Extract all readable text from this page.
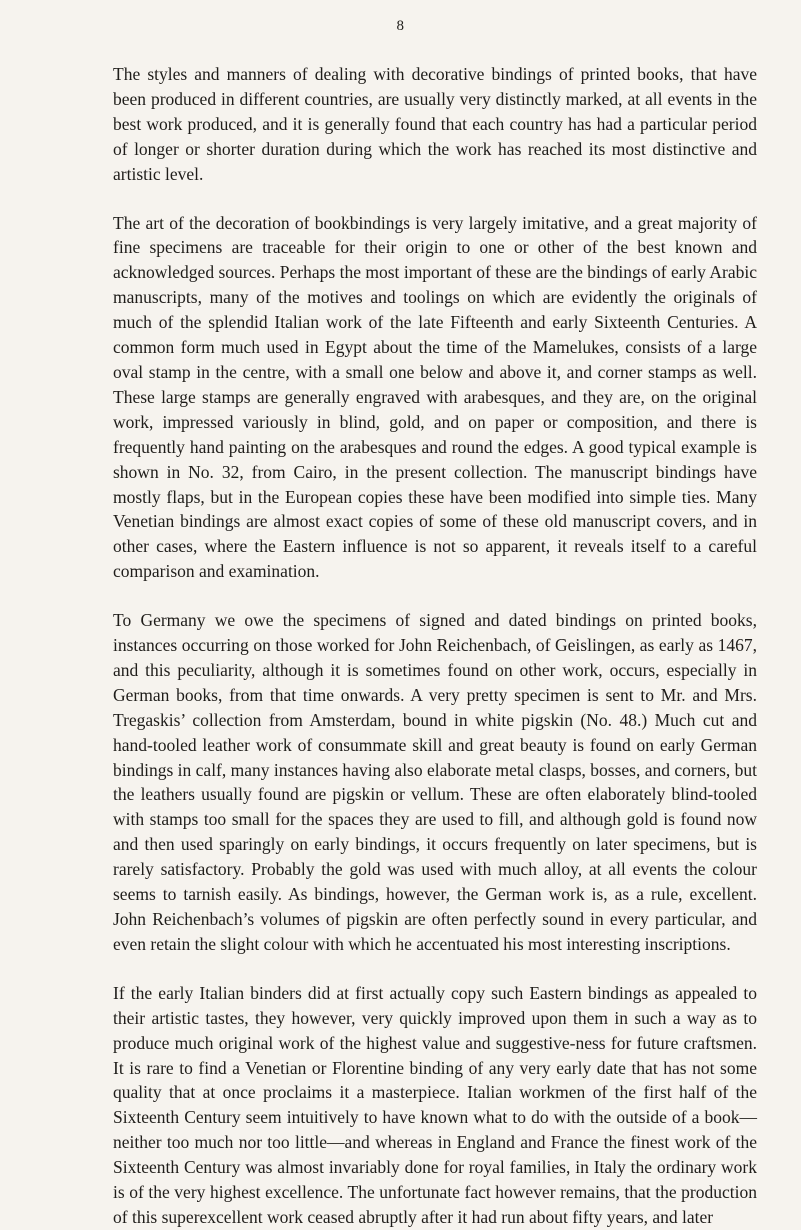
8

The styles and manners of dealing with decorative bindings of printed books, that have been produced in different countries, are usually very distinctly marked, at all events in the best work produced, and it is generally found that each country has had a particular period of longer or shorter duration during which the work has reached its most distinctive and artistic level.

The art of the decoration of bookbindings is very largely imitative, and a great majority of fine specimens are traceable for their origin to one or other of the best known and acknowledged sources. Perhaps the most important of these are the bindings of early Arabic manuscripts, many of the motives and toolings on which are evidently the originals of much of the splendid Italian work of the late Fifteenth and early Sixteenth Centuries. A common form much used in Egypt about the time of the Mamelukes, consists of a large oval stamp in the centre, with a small one below and above it, and corner stamps as well. These large stamps are generally engraved with arabesques, and they are, on the original work, impressed variously in blind, gold, and on paper or composition, and there is frequently hand painting on the arabesques and round the edges. A good typical example is shown in No. 32, from Cairo, in the present collection. The manuscript bindings have mostly flaps, but in the European copies these have been modified into simple ties. Many Venetian bindings are almost exact copies of some of these old manuscript covers, and in other cases, where the Eastern influence is not so apparent, it reveals itself to a careful comparison and examination.

To Germany we owe the specimens of signed and dated bindings on printed books, instances occurring on those worked for John Reichenbach, of Geislingen, as early as 1467, and this peculiarity, although it is sometimes found on other work, occurs, especially in German books, from that time onwards. A very pretty specimen is sent to Mr. and Mrs. Tregaskis’ collection from Amsterdam, bound in white pigskin (No. 48.) Much cut and hand-tooled leather work of consummate skill and great beauty is found on early German bindings in calf, many instances having also elaborate metal clasps, bosses, and corners, but the leathers usually found are pigskin or vellum. These are often elaborately blind-tooled with stamps too small for the spaces they are used to fill, and although gold is found now and then used sparingly on early bindings, it occurs frequently on later specimens, but is rarely satisfactory. Probably the gold was used with much alloy, at all events the colour seems to tarnish easily. As bindings, however, the German work is, as a rule, excellent. John Reichenbach’s volumes of pigskin are often perfectly sound in every particular, and even retain the slight colour with which he accentuated his most interesting inscriptions.

If the early Italian binders did at first actually copy such Eastern bindings as appealed to their artistic tastes, they however, very quickly improved upon them in such a way as to produce much original work of the highest value and suggestive-ness for future craftsmen. It is rare to find a Venetian or Florentine binding of any very early date that has not some quality that at once proclaims it a masterpiece. Italian workmen of the first half of the Sixteenth Century seem intuitively to have known what to do with the outside of a book—neither too much nor too little—and whereas in England and France the finest work of the Sixteenth Century was almost invariably done for royal families, in Italy the ordinary work is of the very highest excellence. The unfortunate fact however remains, that the production of this superexcellent work ceased abruptly after it had run about fifty years, and later
